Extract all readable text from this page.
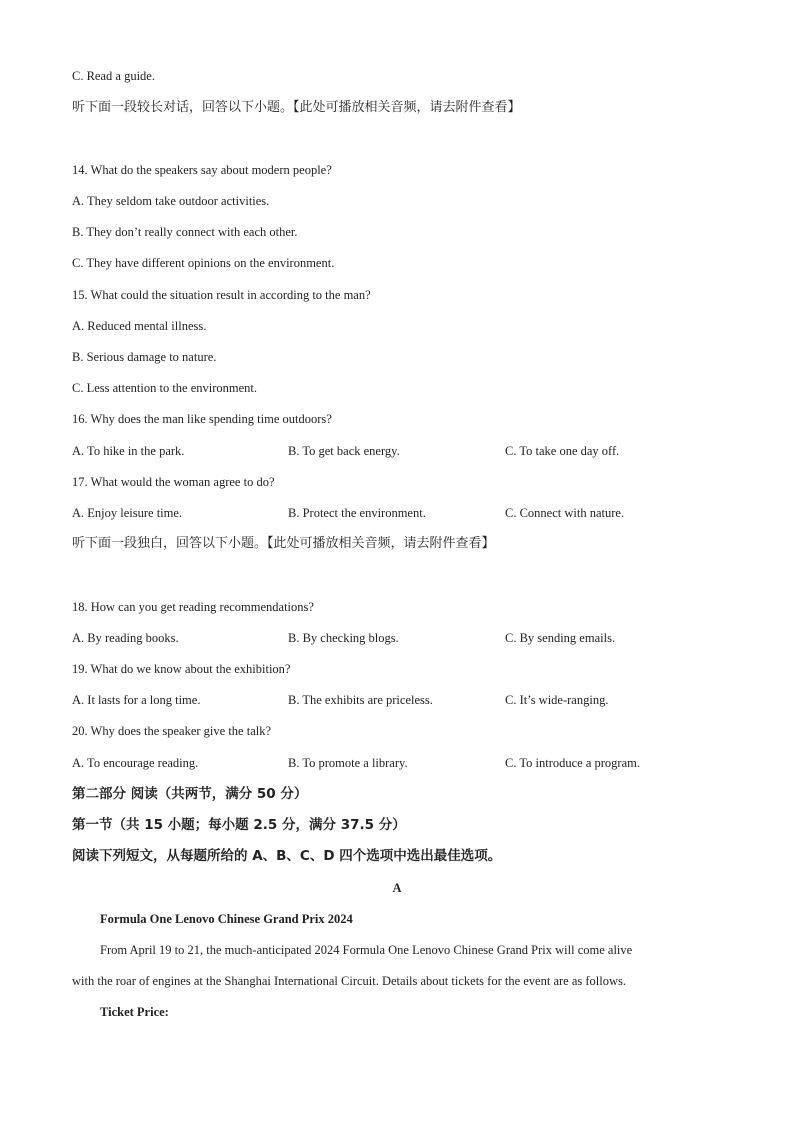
C. Read a guide.
听下面一段较长对话，回答以下小题。【此处可播放相关音频，请去附件查看】
14. What do the speakers say about modern people?
A. They seldom take outdoor activities.
B. They don’t really connect with each other.
C. They have different opinions on the environment.
15. What could the situation result in according to the man?
A. Reduced mental illness.
B. Serious damage to nature.
C. Less attention to the environment.
16. Why does the man like spending time outdoors?
A. To hike in the park.	B. To get back energy.	C. To take one day off.
17. What would the woman agree to do?
A. Enjoy leisure time.	B. Protect the environment.	C. Connect with nature.
听下面一段独白，回答以下小题。【此处可播放相关音频，请去附件查看】
18. How can you get reading recommendations?
A. By reading books.	B. By checking blogs.	C. By sending emails.
19. What do we know about the exhibition?
A. It lasts for a long time.	B. The exhibits are priceless.	C. It’s wide-ranging.
20. Why does the speaker give the talk?
A. To encourage reading.	B. To promote a library.	C. To introduce a program.
第二部分 阅读（共两节，满分 50 分）
第一节（共 15 小题；每小题 2.5 分，满分 37.5 分）
阅读下列短文，从每题所给的 A、B、C、D 四个选项中选出最佳选项。
A
Formula One Lenovo Chinese Grand Prix 2024
From April 19 to 21, the much-anticipated 2024 Formula One Lenovo Chinese Grand Prix will come alive
with the roar of engines at the Shanghai International Circuit. Details about tickets for the event are as follows.
Ticket Price:
